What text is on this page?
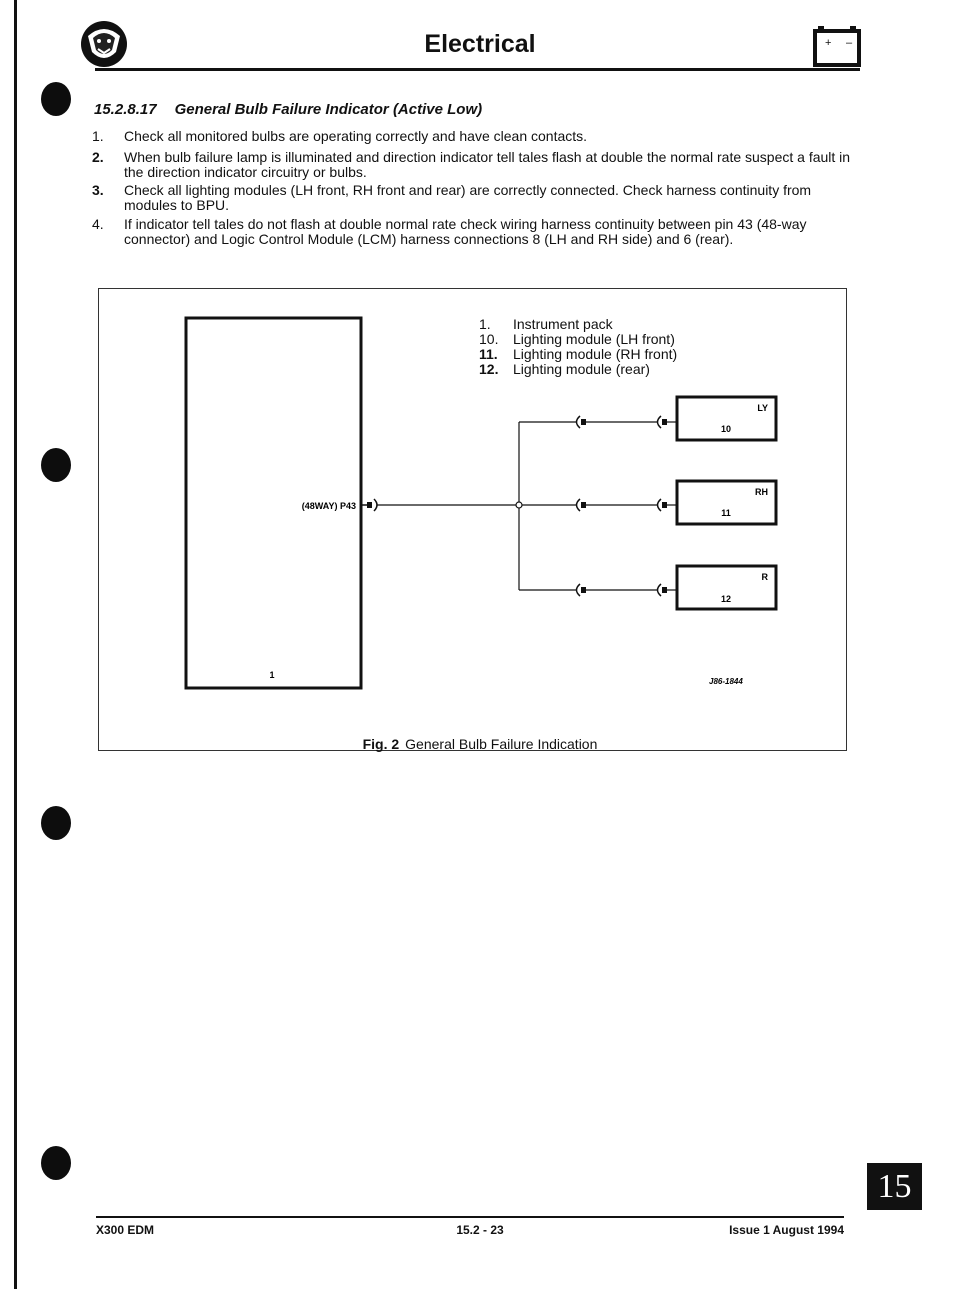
Electrical	+ –
15.2.8.17 General Bulb Failure Indicator (Active Low)
1.	Check all monitored bulbs are operating correctly and have clean contacts.
2.	When bulb failure lamp is illuminated and direction indicator tell tales flash at double the normal rate suspect a fault in the direction indicator circuitry or bulbs.
3.	Check all lighting modules (LH front, RH front and rear) are correctly connected. Check harness continuity from modules to BPU.
4.	If indicator tell tales do not flash at double normal rate check wiring harness continuity between pin 43 (48-way connector) and Logic Control Module (LCM) harness connections 8 (LH and RH side) and 6 (rear).
1. Instrument pack
10. Lighting module (LH front)
11. Lighting module (RH front)
12. Lighting module (rear)
1
(48WAY) P43
LY
10
RH
11
R
12
J86-1844
Fig. 2 General Bulb Failure Indication
15
X300 EDM	15.2 - 23	Issue 1 August 1994
